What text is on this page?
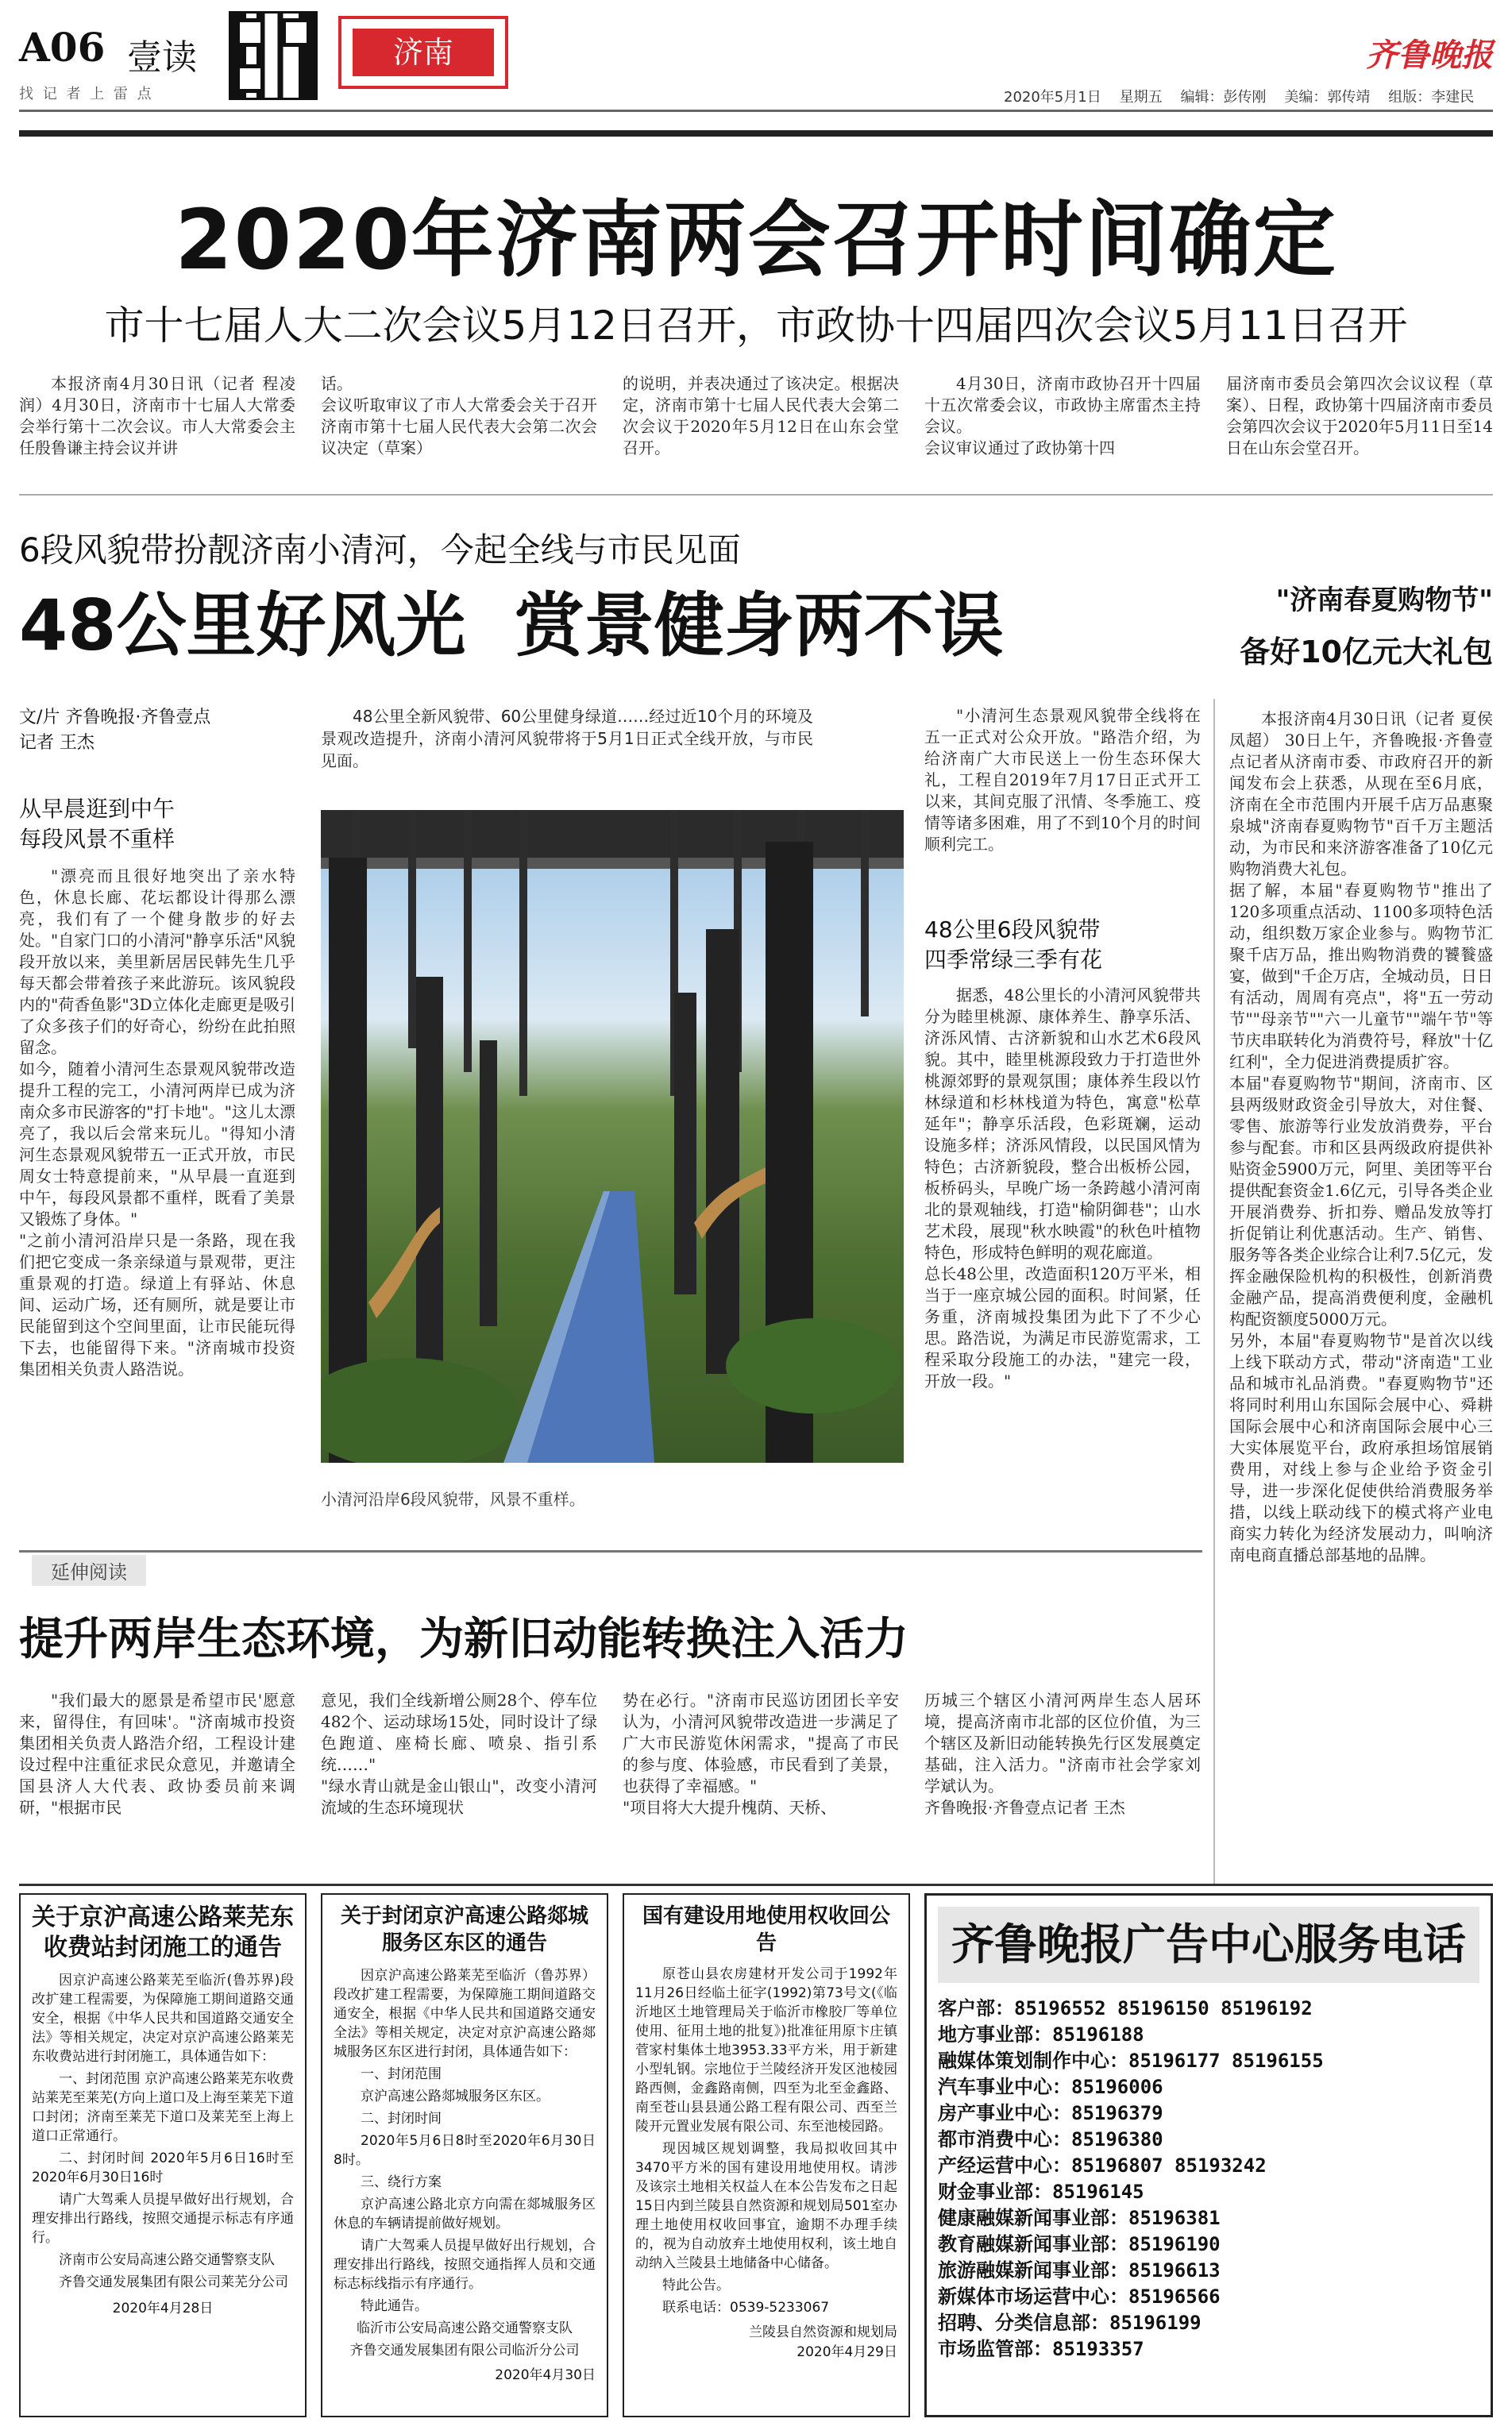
A06 壹读
找 记 者 上 雷 点
济南	齐鲁晚报
2020年5月1日 星期五 编辑：彭传刚 美编：郭传靖 组版：李建民
2020年济南两会召开时间确定
市十七届人大二次会议5月12日召开，市政协十四届四次会议5月11日召开

本报济南4月30日讯（记者 程凌润）4月30日，济南市十七届人大常委会举行第十二次会议。市人大常委会主任殷鲁谦主持会议并讲

话。
会议听取审议了市人大常委会关于召开济南市第十七届人民代表大会第二次会议决定（草案）

的说明，并表决通过了该决定。根据决定，济南市第十七届人民代表大会第二次会议于2020年5月12日在山东会堂召开。

4月30日，济南市政协召开十四届十五次常委会议，市政协主席雷杰主持会议。
会议审议通过了政协第十四

届济南市委员会第四次会议议程（草案）、日程，政协第十四届济南市委员会第四次会议于2020年5月11日至14日在山东会堂召开。

6段风貌带扮靓济南小清河，今起全线与市民见面
48公里好风光  赏景健身两不误
文/片 齐鲁晚报·齐鲁壹点
记者 王杰

48公里全新风貌带、60公里健身绿道……经过近10个月的环境及景观改造提升，济南小清河风貌带将于5月1日正式全线开放，与市民见面。

从早晨逛到中午
每段风景不重样

"漂亮而且很好地突出了亲水特色，休息长廊、花坛都设计得那么漂亮，我们有了一个健身散步的好去处。"自家门口的小清河"静享乐活"风貌段开放以来，美里新居居民韩先生几乎每天都会带着孩子来此游玩。该风貌段内的"荷香鱼影"3D立体化走廊更是吸引了众多孩子们的好奇心，纷纷在此拍照留念。
如今，随着小清河生态景观风貌带改造提升工程的完工，小清河两岸已成为济南众多市民游客的"打卡地"。"这儿太漂亮了，我以后会常来玩儿。"得知小清河生态景观风貌带五一正式开放，市民周女士特意提前来，"从早晨一直逛到中午，每段风景都不重样，既看了美景又锻炼了身体。"
"之前小清河沿岸只是一条路，现在我们把它变成一条亲绿道与景观带，更注重景观的打造。绿道上有驿站、休息间、运动广场，还有厕所，就是要让市民能留到这个空间里面，让市民能玩得下去，也能留得下来。"济南城市投资集团相关负责人路浩说。

小清河沿岸6段风貌带，风景不重样。

"小清河生态景观风貌带全线将在五一正式对公众开放。"路浩介绍，为给济南广大市民送上一份生态环保大礼，工程自2019年7月17日正式开工以来，其间克服了汛情、冬季施工、疫情等诸多困难，用了不到10个月的时间顺利完工。

48公里6段风貌带
四季常绿三季有花

据悉，48公里长的小清河风貌带共分为睦里桃源、康体养生、静享乐活、济泺风情、古济新貌和山水艺术6段风貌。其中，睦里桃源段致力于打造世外桃源郊野的景观氛围；康体养生段以竹林绿道和杉林栈道为特色，寓意"松草延年"；静享乐活段，色彩斑斓，运动设施多样；济泺风情段，以民国风情为特色；古济新貌段，整合出板桥公园，板桥码头，早晚广场一条跨越小清河南北的景观轴线，打造"榆阴御巷"；山水艺术段，展现"秋水映霞"的秋色叶植物特色，形成特色鲜明的观花廊道。
总长48公里，改造面积120万平米，相当于一座京城公园的面积。时间紧，任务重，济南城投集团为此下了不少心思。路浩说，为满足市民游览需求，工程采取分段施工的办法，"建完一段，开放一段。"

"济南春夏购物节"
备好10亿元大礼包

本报济南4月30日讯（记者 夏侯凤超） 30日上午，齐鲁晚报·齐鲁壹点记者从济南市委、市政府召开的新闻发布会上获悉，从现在至6月底，济南在全市范围内开展千店万品惠聚泉城"济南春夏购物节"百千万主题活动，为市民和来济游客准备了10亿元购物消费大礼包。
据了解，本届"春夏购物节"推出了120多项重点活动、1100多项特色活动，组织数万家企业参与。购物节汇聚千店万品，推出购物消费的饕餮盛宴，做到"千企万店，全城动员，日日有活动，周周有亮点"，将"五一劳动节""母亲节""六一儿童节""端午节"等节庆串联转化为消费符号，释放"十亿红利"，全力促进消费提质扩容。
本届"春夏购物节"期间，济南市、区县两级财政资金引导放大，对住餐、零售、旅游等行业发放消费券，平台参与配套。市和区县两级政府提供补贴资金5900万元，阿里、美团等平台提供配套资金1.6亿元，引导各类企业开展消费券、折扣券、赠品发放等打折促销让利优惠活动。生产、销售、服务等各类企业综合让利7.5亿元，发挥金融保险机构的积极性，创新消费金融产品，提高消费便利度，金融机构配资额度5000万元。
另外，本届"春夏购物节"是首次以线上线下联动方式，带动"济南造"工业品和城市礼品消费。"春夏购物节"还将同时利用山东国际会展中心、舜耕国际会展中心和济南国际会展中心三大实体展览平台，政府承担场馆展销费用，对线上参与企业给予资金引导，进一步深化促使供给消费服务举措，以线上联动线下的模式将产业电商实力转化为经济发展动力，叫响济南电商直播总部基地的品牌。

延伸阅读
提升两岸生态环境，为新旧动能转换注入活力

"我们最大的愿景是希望市民'愿意来，留得住，有回味'。"济南城市投资集团相关负责人路浩介绍，工程设计建设过程中注重征求民众意见，并邀请全国县济人大代表、政协委员前来调研，"根据市民

意见，我们全线新增公厕28个、停车位482个、运动球场15处，同时设计了绿色跑道、座椅长廊、喷泉、指引系统……"
"绿水青山就是金山银山"，改变小清河流域的生态环境现状

势在必行。"济南市民巡访团团长辛安认为，小清河风貌带改造进一步满足了广大市民游览休闲需求，"提高了市民的参与度、体验感，市民看到了美景，也获得了幸福感。"
"项目将大大提升槐荫、天桥、

历城三个辖区小清河两岸生态人居环境，提高济南市北部的区位价值，为三个辖区及新旧动能转换先行区发展奠定基础，注入活力。"济南市社会学家刘学斌认为。
齐鲁晚报·齐鲁壹点记者 王杰

关于京沪高速公路莱芜东收费站封闭施工的通告

因京沪高速公路莱芜至临沂(鲁苏界)段改扩建工程需要，为保障施工期间道路交通安全，根据《中华人民共和国道路交通安全法》等相关规定，决定对京沪高速公路莱芜东收费站进行封闭施工，具体通告如下：

一、封闭范围 京沪高速公路莱芜东收费站莱芜至莱芜(方向上道口及上海至莱芜下道口封闭；济南至莱芜下道口及莱芜至上海上道口正常通行。

二、封闭时间 2020年5月6日16时至2020年6月30日16时

请广大驾乘人员提早做好出行规划，合理安排出行路线，按照交通提示标志有序通行。

济南市公安局高速公路交通警察支队

齐鲁交通发展集团有限公司莱芜分公司

2020年4月28日
关于封闭京沪高速公路郯城服务区东区的通告

因京沪高速公路莱芜至临沂（鲁苏界）段改扩建工程需要，为保障施工期间道路交通安全，根据《中华人民共和国道路交通安全法》等相关规定，决定对京沪高速公路郯城服务区东区进行封闭，具体通告如下：

一、封闭范围

京沪高速公路郯城服务区东区。

二、封闭时间

2020年5月6日8时至2020年6月30日8时。

三、绕行方案

京沪高速公路北京方向需在郯城服务区休息的车辆请提前做好规划。

请广大驾乘人员提早做好出行规划，合理安排出行路线，按照交通指挥人员和交通标志标线指示有序通行。

特此通告。

临沂市公安局高速公路交通警察支队

齐鲁交通发展集团有限公司临沂分公司

2020年4月30日
国有建设用地使用权收回公告

原苍山县农房建材开发公司于1992年11月26日经临土征字(1992)第73号文(《临沂地区土地管理局关于临沂市橡胶厂等单位使用、征用土地的批复》)批准征用原卞庄镇菅家村集体土地3953.33平方米，用于新建小型轧钢。宗地位于兰陵经济开发区池棱园路西侧，金鑫路南侧，四至为北至金鑫路、南至苍山县县通公路工程有限公司、西至兰陵开元置业发展有限公司、东至池棱园路。

现因城区规划调整，我局拟收回其中3470平方米的国有建设用地使用权。请涉及该宗土地相关权益人在本公告发布之日起15日内到兰陵县自然资源和规划局501室办理土地使用权收回事宜，逾期不办理手续的，视为自动放弃土地使用权利，该土地自动纳入兰陵县土地储备中心储备。

特此公告。

联系电话：0539-5233067

兰陵县自然资源和规划局
2020年4月29日
齐鲁晚报广告中心服务电话
客户部：85196552 85196150 85196192
地方事业部：85196188
融媒体策划制作中心：85196177 85196155
汽车事业中心：85196006
房产事业中心：85196379
都市消费中心：85196380
产经运营中心：85196807 85193242
财金事业部：85196145
健康融媒新闻事业部：85196381
教育融媒新闻事业部：85196190
旅游融媒新闻事业部：85196613
新媒体市场运营中心：85196566
招聘、分类信息部：85196199
市场监管部：85193357
